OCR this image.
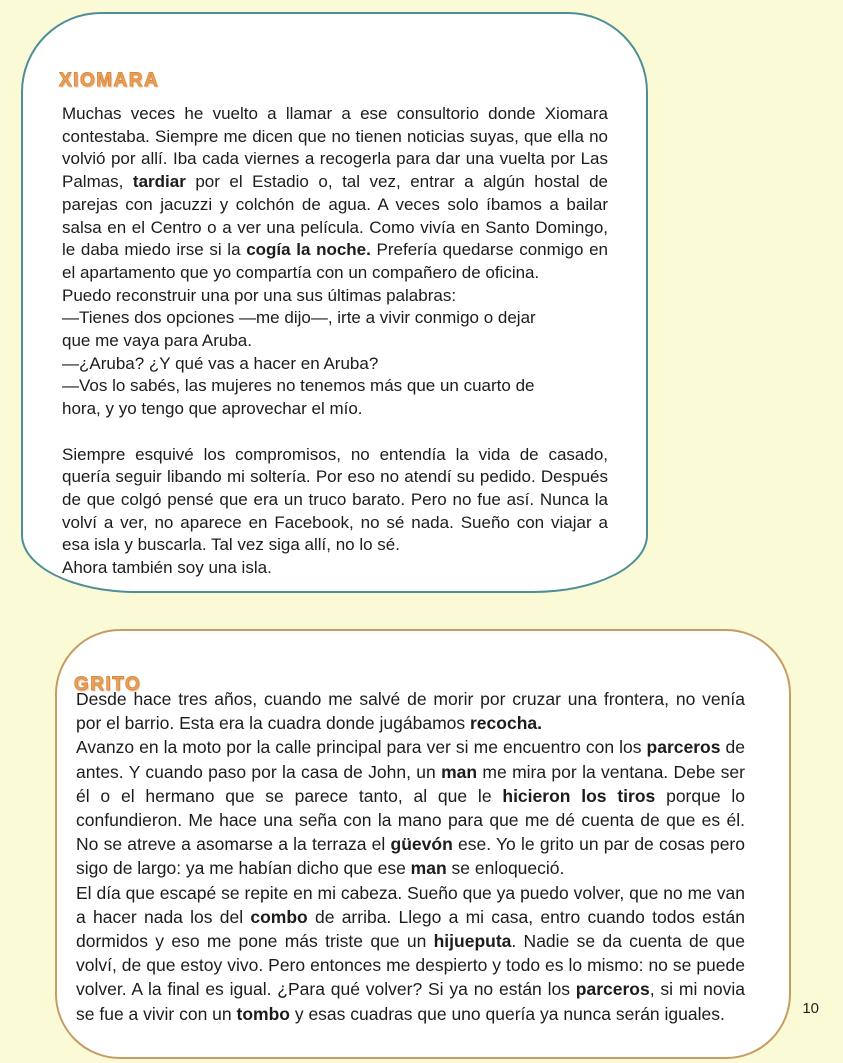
XIOMARA

Muchas veces he vuelto a llamar a ese consultorio donde Xiomara contestaba. Siempre me dicen que no tienen noticias suyas, que ella no volvió por allí. Iba cada viernes a recogerla para dar una vuelta por Las Palmas, tardiar por el Estadio o, tal vez, entrar a algún hostal de parejas con jacuzzi y colchón de agua. A veces solo íbamos a bailar salsa en el Centro o a ver una película. Como vivía en Santo Domingo, le daba miedo irse si la cogía la noche. Prefería quedarse conmigo en el apartamento que yo compartía con un compañero de oficina.

Puedo reconstruir una por una sus últimas palabras:

—Tienes dos opciones —me dijo—, irte a vivir conmigo o dejar

que me vaya para Aruba.

—¿Aruba? ¿Y qué vas a hacer en Aruba?

—Vos lo sabés, las mujeres no tenemos más que un cuarto de

hora, y yo tengo que aprovechar el mío.

Siempre esquivé los compromisos, no entendía la vida de casado, quería seguir libando mi soltería. Por eso no atendí su pedido. Después de que colgó pensé que era un truco barato. Pero no fue así. Nunca la volví a ver, no aparece en Facebook, no sé nada. Sueño con viajar a esa isla y buscarla. Tal vez siga allí, no lo sé.

Ahora también soy una isla.

GRITO

Desde hace tres años, cuando me salvé de morir por cruzar una frontera, no venía por el barrio. Esta era la cuadra donde jugábamos recocha.

Avanzo en la moto por la calle principal para ver si me encuentro con los parceros de antes. Y cuando paso por la casa de John, un man me mira por la ventana. Debe ser él o el hermano que se parece tanto, al que le hicieron los tiros porque lo confundieron. Me hace una seña con la mano para que me dé cuenta de que es él. No se atreve a asomarse a la terraza el güevón ese. Yo le grito un par de cosas pero sigo de largo: ya me habían dicho que ese man se enloqueció.

El día que escapé se repite en mi cabeza. Sueño que ya puedo volver, que no me van a hacer nada los del combo de arriba. Llego a mi casa, entro cuando todos están dormidos y eso me pone más triste que un hijueputa. Nadie se da cuenta de que volví, de que estoy vivo. Pero entonces me despierto y todo es lo mismo: no se puede volver. A la final es igual. ¿Para qué volver? Si ya no están los parceros, si mi novia se fue a vivir con un tombo y esas cuadras que uno quería ya nunca serán iguales.	10
